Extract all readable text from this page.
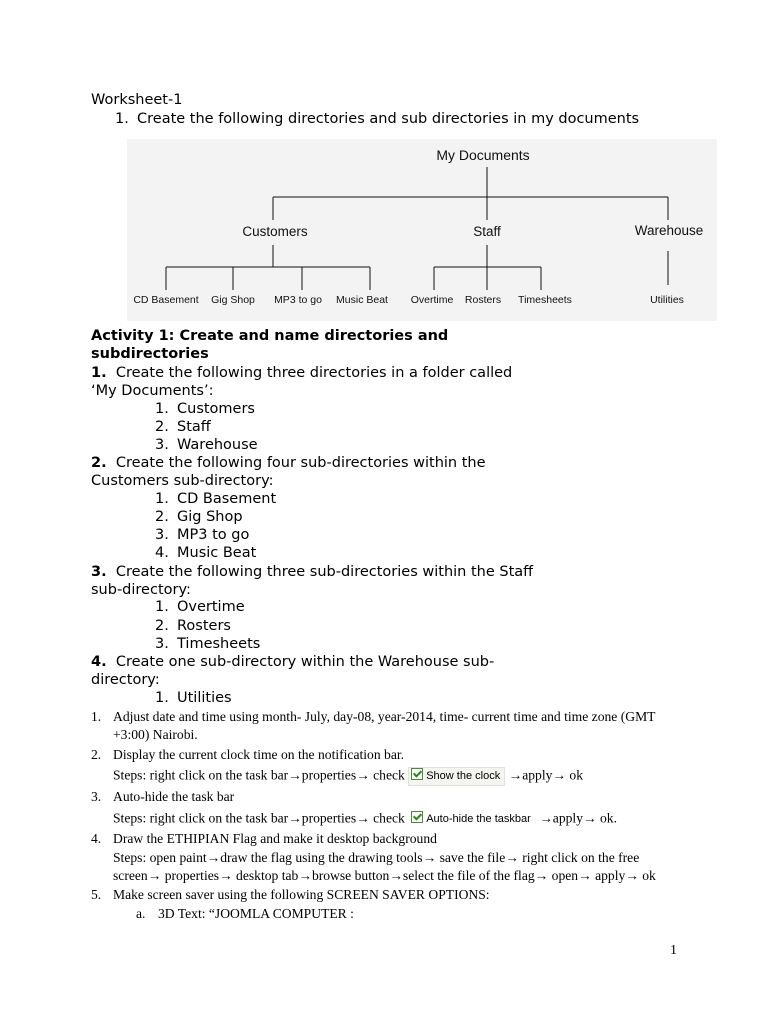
Worksheet-1
1. Create the following directories and sub directories in my documents
My Documents
Customers	Staff	Warehouse
CD Basement Gig Shop MP3 to go Music Beat Overtime Rosters Timesheets	Utilities
Activity 1: Create and name directories and
subdirectories
1. Create the following three directories in a folder called
‘My Documents’:
1. Customers
2. Staff
3. Warehouse
2. Create the following four sub-directories within the
Customers sub-directory:
1. CD Basement
2. Gig Shop
3. MP3 to go
4. Music Beat
3. Create the following three sub-directories within the Staff
sub-directory:
1. Overtime
2. Rosters
3. Timesheets
4. Create one sub-directory within the Warehouse sub-
directory:
1. Utilities
1. Adjust date and time using month- July, day-08, year-2014, time- current time and time zone (GMT
+3:00) Nairobi.
2. Display the current clock time on the notification bar.
Steps: right click on the task bar→properties→ check Show the clock →apply→ ok
3. Auto-hide the task bar
Steps: right click on the task bar→properties→ check Auto-hide the taskbar →apply→ ok.
4. Draw the ETHIPIAN Flag and make it desktop background
Steps: open paint→draw the flag using the drawing tools→ save the file→ right click on the free
screen→ properties→ desktop tab→browse button→select the file of the flag→ open→ apply→ ok
5. Make screen saver using the following SCREEN SAVER OPTIONS:
a. 3D Text: “JOOMLA COMPUTER :
1
